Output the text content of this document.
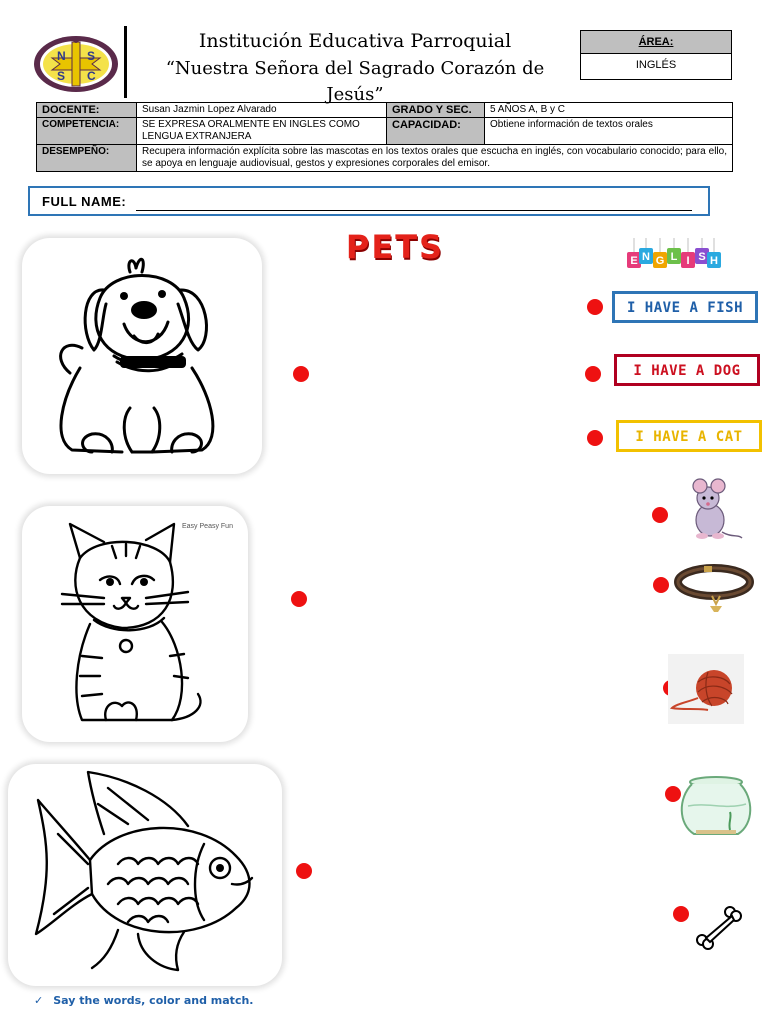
N S
S C
Institución Educativa Parroquial
“Nuestra Señora del Sagrado Corazón de Jesús”
ÁREA:
INGLÉS
DOCENTE:	Susan Jazmin Lopez Alvarado	GRADO Y SEC.	5 AÑOS A, B y C
COMPETENCIA:	SE EXPRESA ORALMENTE EN INGLES COMO LENGUA EXTRANJERA	CAPACIDAD:	Obtiene información de textos orales
DESEMPEÑO:	Recupera información explícita sobre las mascotas en los textos orales que escucha en inglés, con vocabulario conocido; para ello, se apoya en lenguaje audiovisual, gestos y expresiones corporales del emisor.		
FULL NAME:
PETS	E N G L I S H
Easy Peasy Fun
I HAVE A FISH
I HAVE A DOG
I HAVE A CAT
✓ Say the words, color and match.
